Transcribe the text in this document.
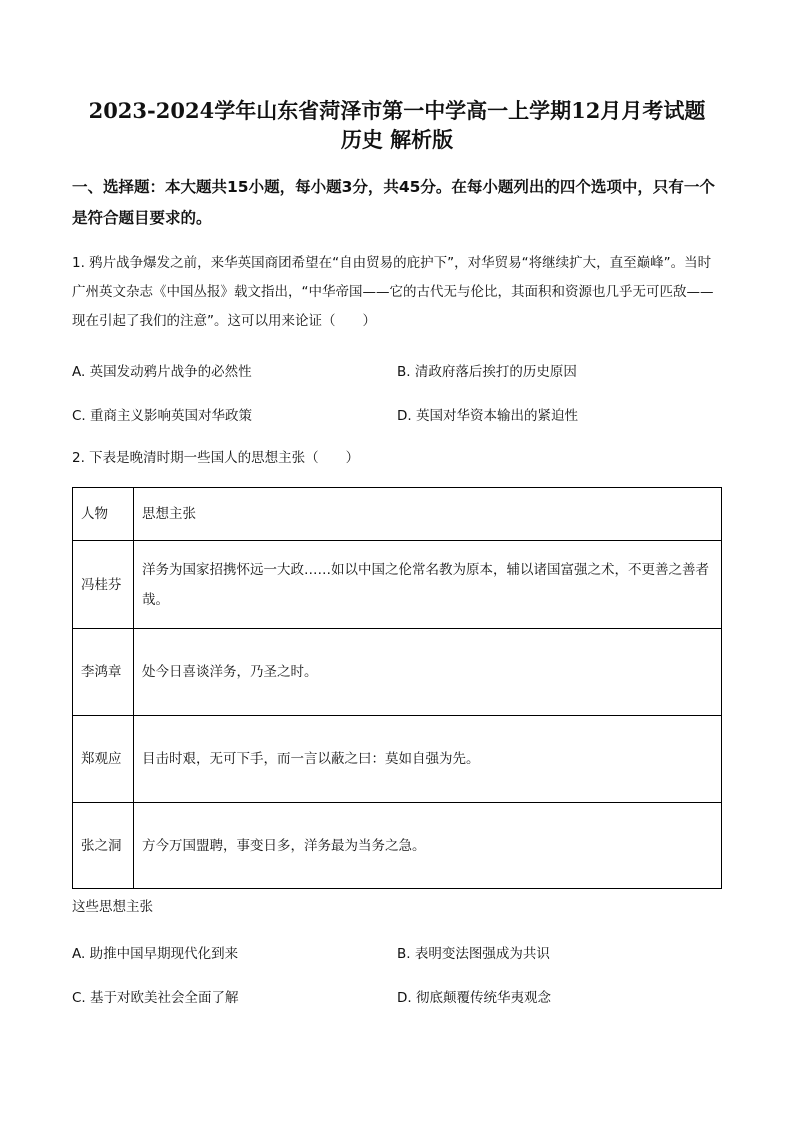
2023-2024学年山东省菏泽市第一中学高一上学期12月月考试题
历史 解析版
一、选择题：本大题共15小题，每小题3分，共45分。在每小题列出的四个选项中，只有一个是符合题目要求的。
1. 鸦片战争爆发之前，来华英国商团希望在“自由贸易的庇护下”，对华贸易“将继续扩大，直至巅峰”。当时广州英文杂志《中国丛报》载文指出，“中华帝国——它的古代无与伦比，其面积和资源也几乎无可匹敌——现在引起了我们的注意”。这可以用来论证（　　）
A. 英国发动鸦片战争的必然性	B. 清政府落后挨打的历史原因
C. 重商主义影响英国对华政策	D. 英国对华资本输出的紧迫性
2. 下表是晚清时期一些国人的思想主张（　　）
人物	思想主张
冯桂芬	洋务为国家招携怀远一大政……如以中国之伦常名教为原本，辅以诸国富强之术，不更善之善者哉。
李鸿章	处今日喜谈洋务，乃圣之时。
郑观应	目击时艰，无可下手，而一言以蔽之曰：莫如自强为先。
张之洞	方今万国盟聘，事变日多，洋务最为当务之急。
这些思想主张
A. 助推中国早期现代化到来	B. 表明变法图强成为共识
C. 基于对欧美社会全面了解	D. 彻底颠覆传统华夷观念
